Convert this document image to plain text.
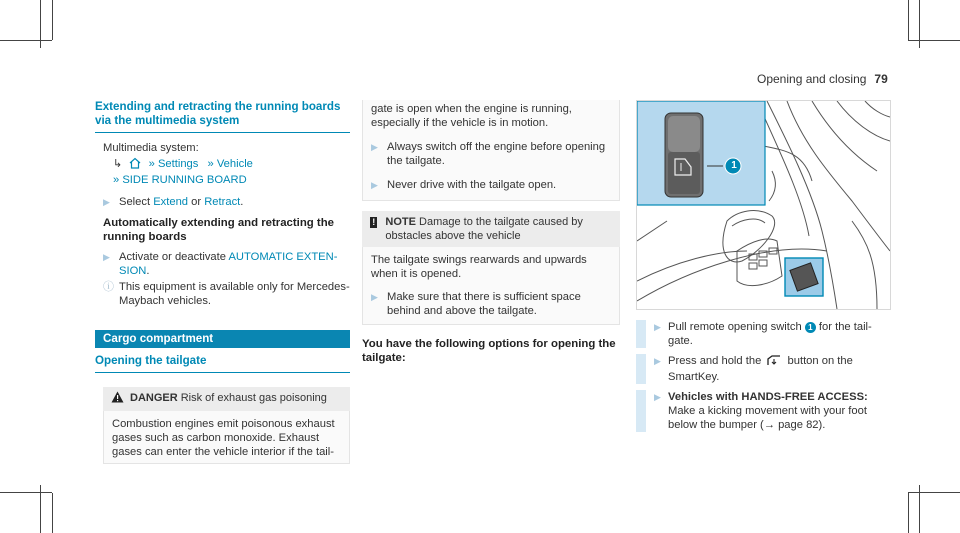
Opening and closing 79
Extending and retracting the running boards via the multimedia system
Multimedia system:
↳ » Settings » Vehicle
» SIDE RUNNING BOARD
▶ Select Extend or Retract.
Automatically extending and retracting the running boards
▶ Activate or deactivate AUTOMATIC EXTEN-SION.
ⓘ This equipment is available only for Mercedes-Maybach vehicles.
Cargo compartment
Opening the tailgate
DANGER Risk of exhaust gas poisoning
Combustion engines emit poisonous exhaust gases such as carbon monoxide. Exhaust gases can enter the vehicle interior if the tail-
gate is open when the engine is running, especially if the vehicle is in motion.
▶ Always switch off the engine before opening the tailgate.
▶ Never drive with the tailgate open.
! NOTE Damage to the tailgate caused by obstacles above the vehicle
The tailgate swings rearwards and upwards when it is opened.
▶ Make sure that there is sufficient space behind and above the tailgate.
You have the following options for opening the tailgate:
1
▶ Pull remote opening switch 1 for the tail-gate.
▶ Press and hold the  button on the SmartKey.
▶ Vehicles with HANDS-FREE ACCESS: Make a kicking movement with your foot below the bumper (→ page 82).
